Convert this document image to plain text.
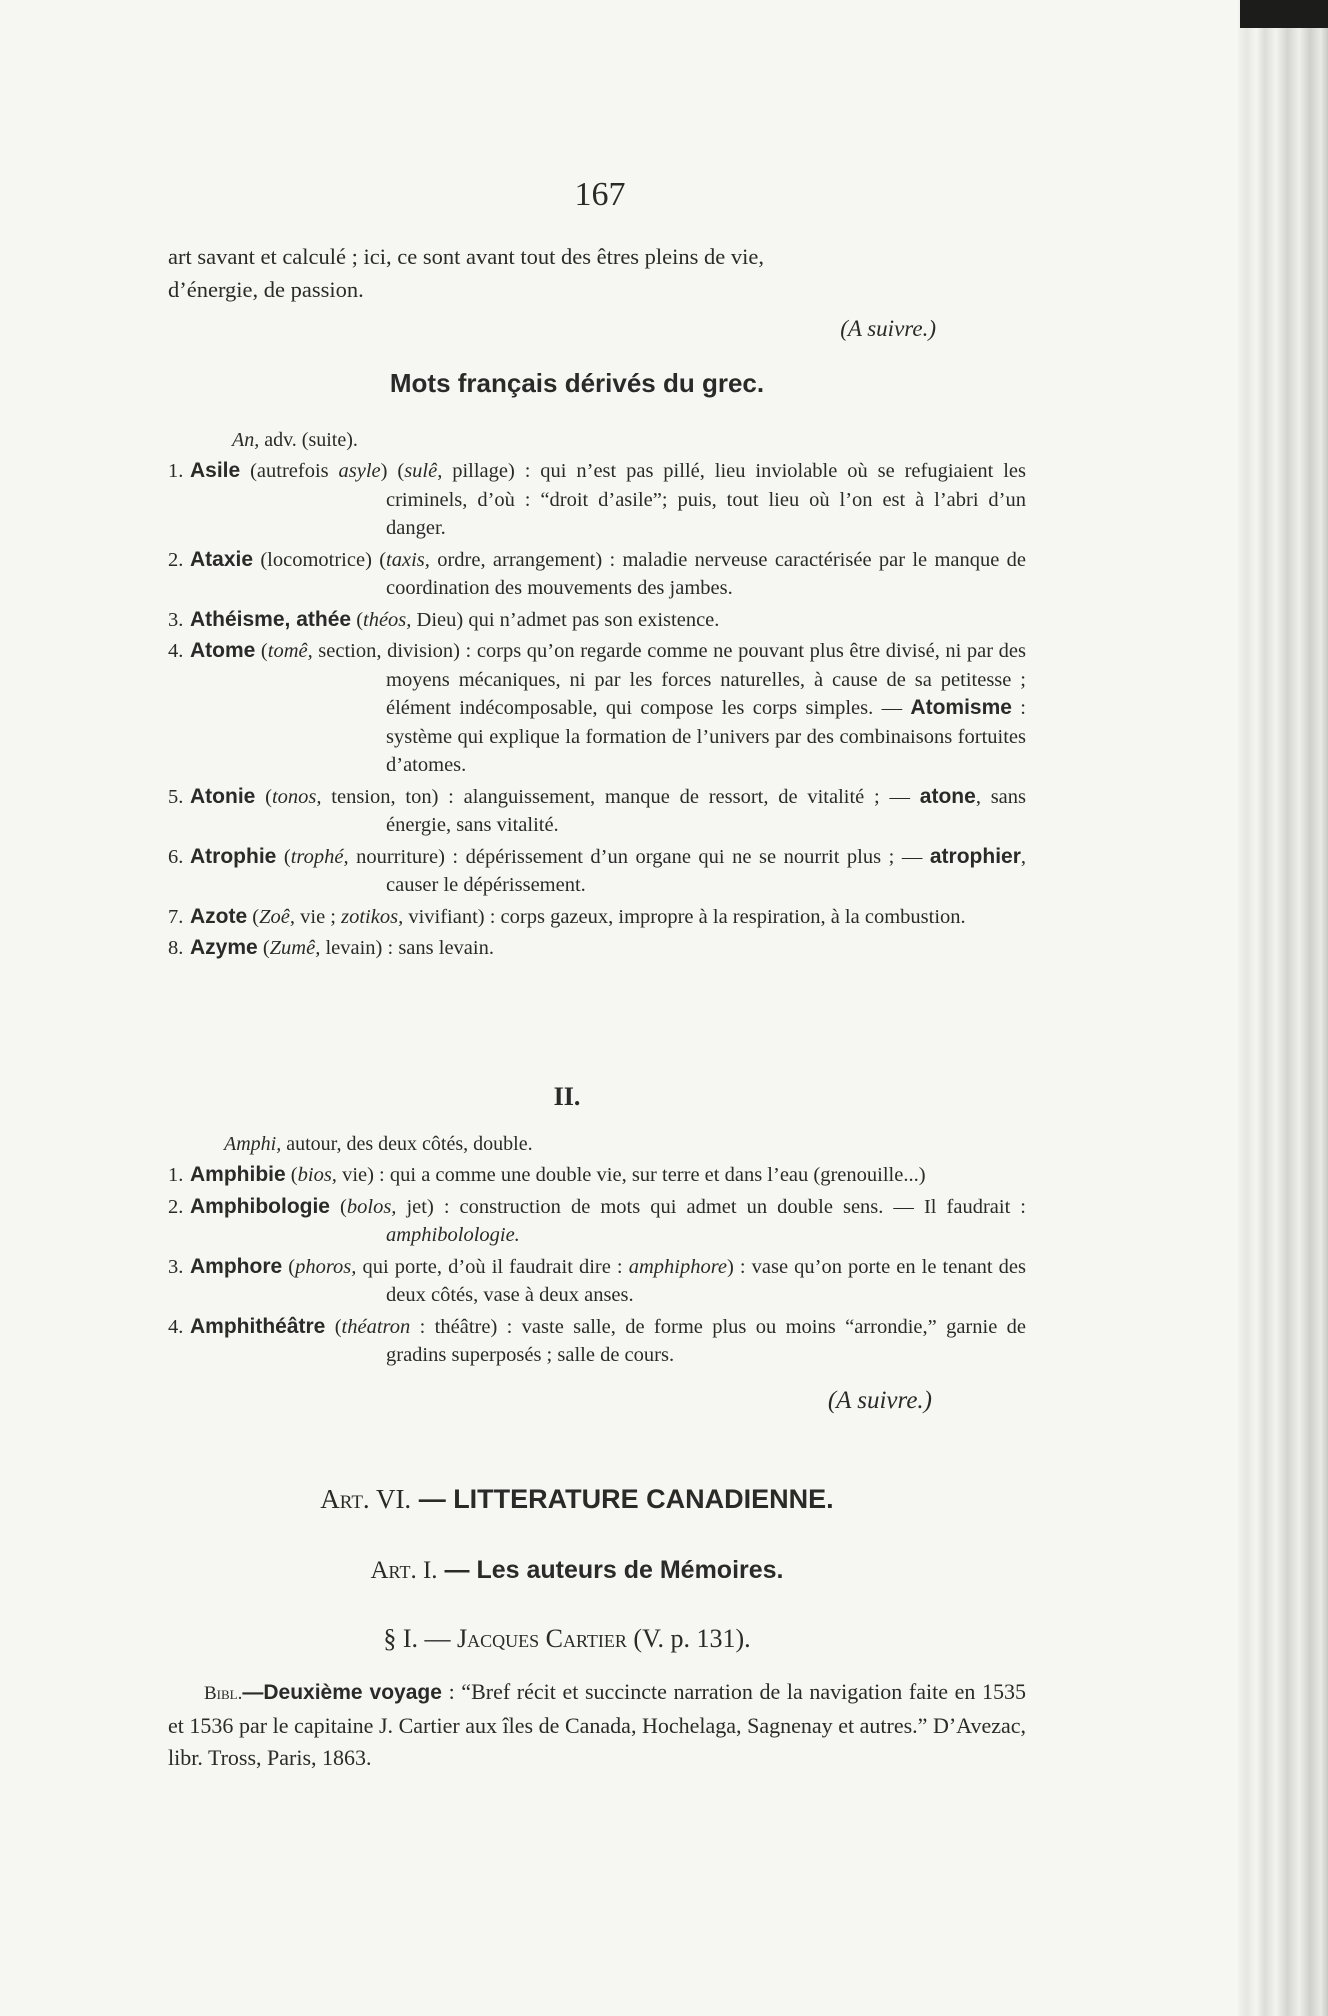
167

art savant et calculé ; ici, ce sont avant tout des êtres pleins de vie,

d’énergie, de passion.

(A suivre.)

Mots français dérivés du grec.

An, adv. (suite).

1. Asile (autrefois asyle) (sulê, pillage) : qui n’est pas pillé, lieu inviolable où se refugiaient les criminels, d’où : “droit d’asile”; puis, tout lieu où l’on est à l’abri d’un danger.

2. Ataxie (locomotrice) (taxis, ordre, arrangement) : maladie nerveuse caractérisée par le manque de coordination des mouvements des jambes.

3. Athéisme, athée (théos, Dieu) qui n’admet pas son existence.

4. Atome (tomê, section, division) : corps qu’on regarde comme ne pouvant plus être divisé, ni par des moyens mécaniques, ni par les forces naturelles, à cause de sa petitesse ; élément indécomposable, qui compose les corps simples. — Atomisme : système qui explique la formation de l’univers par des combinaisons fortuites d’atomes.

5. Atonie (tonos, tension, ton) : alanguissement, manque de ressort, de vitalité ; — atone, sans énergie, sans vitalité.

6. Atrophie (trophé, nourriture) : dépérissement d’un organe qui ne se nourrit plus ; — atrophier, causer le dépérissement.

7. Azote (Zoê, vie ; zotikos, vivifiant) : corps gazeux, impropre à la respiration, à la combustion.

8. Azyme (Zumê, levain) : sans levain.

II.

Amphi, autour, des deux côtés, double.

1. Amphibie (bios, vie) : qui a comme une double vie, sur terre et dans l’eau (grenouille...)

2. Amphibologie (bolos, jet) : construction de mots qui admet un double sens. — Il faudrait : amphibolologie.

3. Amphore (phoros, qui porte, d’où il faudrait dire : amphiphore) : vase qu’on porte en le tenant des deux côtés, vase à deux anses.

4. Amphithéâtre (théatron : théâtre) : vaste salle, de forme plus ou moins “arrondie,” garnie de gradins superposés ; salle de cours.

(A suivre.)

Art. VI. — LITTERATURE CANADIENNE.

Art. I. — Les auteurs de Mémoires.

§ I. — Jacques Cartier (V. p. 131).

Bibl.—Deuxième voyage : “Bref récit et succincte narration de la navigation faite en 1535 et 1536 par le capitaine J. Cartier aux îles de Canada, Hochelaga, Sagnenay et autres.” D’Avezac, libr. Tross, Paris, 1863.
